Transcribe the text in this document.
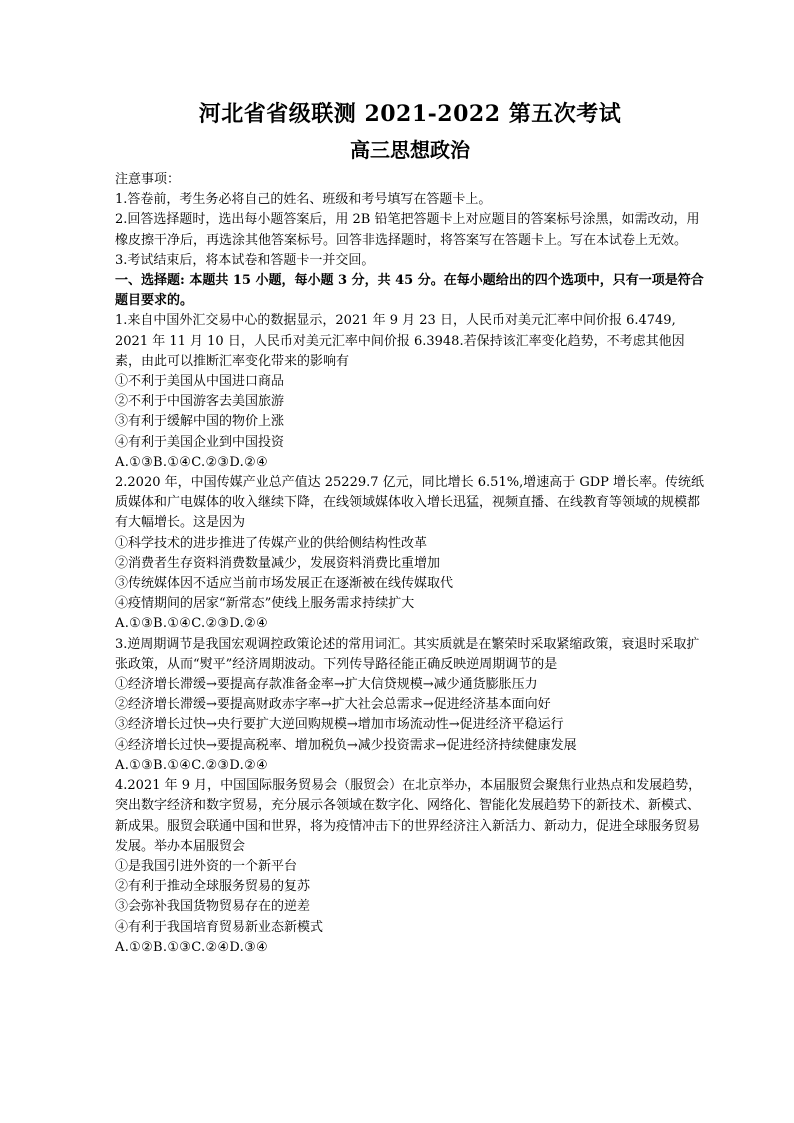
河北省省级联测 2021-2022 第五次考试
高三思想政治
注意事项：
1.答卷前，考生务必将自己的姓名、班级和考号填写在答题卡上。
2.回答选择题时，选出每小题答案后，用 2B 铅笔把答题卡上对应题目的答案标号涂黑，如需改动，用橡皮擦干净后，再选涂其他答案标号。回答非选择题时，将答案写在答题卡上。写在本试卷上无效。
3.考试结束后，将本试卷和答题卡一并交回。
一、选择题: 本题共 15 小题，每小题 3 分，共 45 分。在每小题给出的四个选项中，只有一项是符合题目要求的。
1.来自中国外汇交易中心的数据显示，2021 年 9 月 23 日，人民币对美元汇率中间价报 6.4749, 2021 年 11 月 10 日，人民币对美元汇率中间价报 6.3948.若保持该汇率变化趋势，不考虑其他因素，由此可以推断汇率变化带来的影响有
①不利于美国从中国进口商品
②不利于中国游客去美国旅游
③有利于缓解中国的物价上涨
④有利于美国企业到中国投资
A.①③B.①④C.②③D.②④
2.2020 年，中国传媒产业总产值达 25229.7 亿元，同比增长 6.51%,增速高于 GDP 增长率。传统纸质媒体和广电媒体的收入继续下降，在线领域媒体收入增长迅猛，视频直播、在线教育等领域的规模都有大幅增长。这是因为
①科学技术的进步推进了传媒产业的供给侧结构性改革
②消费者生存资料消费数量减少，发展资料消费比重增加
③传统媒体因不适应当前市场发展正在逐渐被在线传媒取代
④疫情期间的居家“新常态”使线上服务需求持续扩大
A.①③B.①④C.②③D.②④
3.逆周期调节是我国宏观调控政策论述的常用词汇。其实质就是在繁荣时采取紧缩政策，衰退时采取扩张政策，从而“熨平”经济周期波动。下列传导路径能正确反映逆周期调节的是
①经济增长滞缓→要提高存款准备金率→扩大信贷规模→减少通货膨胀压力
②经济增长滞缓→要提高财政赤字率→扩大社会总需求→促进经济基本面向好
③经济增长过快→央行要扩大逆回购规模→增加市场流动性→促进经济平稳运行
④经济增长过快→要提高税率、增加税负→减少投资需求→促进经济持续健康发展
A.①③B.①④C.②③D.②④
4.2021 年 9 月，中国国际服务贸易会（服贸会）在北京举办，本届服贸会聚焦行业热点和发展趋势，突出数字经济和数字贸易，充分展示各领域在数字化、网络化、智能化发展趋势下的新技术、新模式、新成果。服贸会联通中国和世界，将为疫情冲击下的世界经济注入新活力、新动力，促进全球服务贸易发展。举办本届服贸会
①是我国引进外资的一个新平台
②有利于推动全球服务贸易的复苏
③会弥补我国货物贸易存在的逆差
④有利于我国培育贸易新业态新模式
A.①②B.①③C.②④D.③④
